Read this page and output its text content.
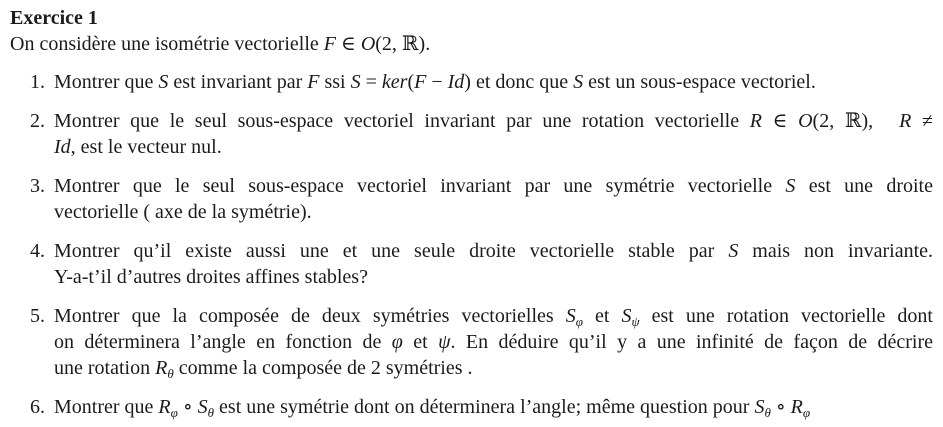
Exercice 1
On considère une isométrie vectorielle F ∈ O(2, ℝ).
1. Montrer que S est invariant par F ssi S = ker(F − Id) et donc que S est un sous-espace vectoriel.
2. Montrer que le seul sous-espace vectoriel invariant par une rotation vectorielle R ∈ O(2, ℝ), R ≠
Id, est le vecteur nul.
3. Montrer que le seul sous-espace vectoriel invariant par une symétrie vectorielle S est une droite
vectorielle ( axe de la symétrie).
4. Montrer qu’il existe aussi une et une seule droite vectorielle stable par S mais non invariante.
Y-a-t’il d’autres droites affines stables?
5. Montrer que la composée de deux symétries vectorielles $S_\varphi$ et $S_\psi$ est une rotation vectorielle dont
on déterminera l’angle en fonction de φ et ψ. En déduire qu’il y a une infinité de façon de décrire
une rotation $R_\theta$ comme la composée de 2 symétries .
6. Montrer que $R_\varphi$ ∘ $S_\theta$ est une symétrie dont on déterminera l’angle; même question pour $S_\theta$ ∘ $R_\varphi$
